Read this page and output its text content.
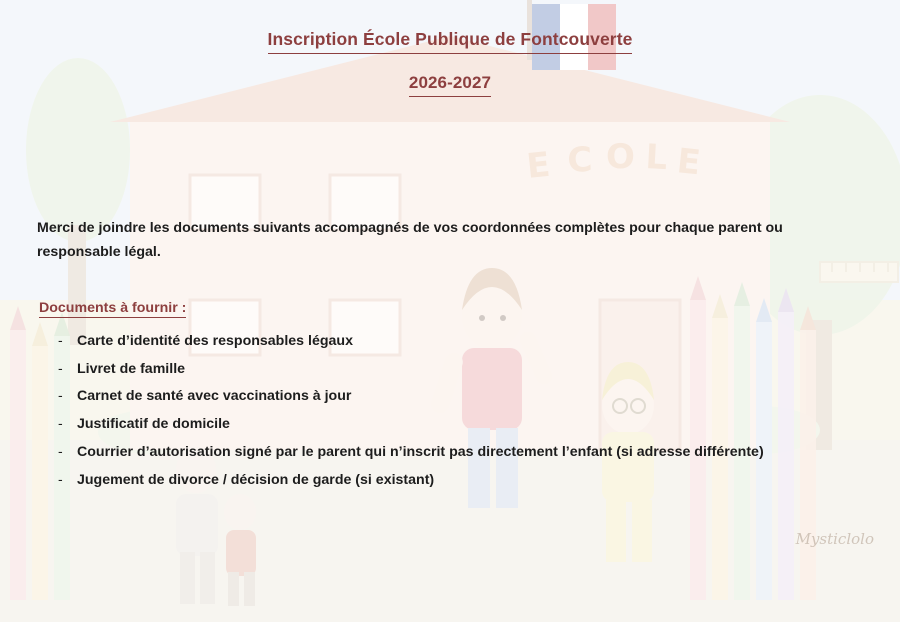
E C O L E
Inscription École Publique de Fontcouverte
2026-2027

Merci de joindre les documents suivants accompagnés de vos coordonnées complètes pour chaque parent ou responsable légal.

Documents à fournir :
-	Carte d’identité des responsables légaux
-	Livret de famille
-	Carnet de santé avec vaccinations à jour
-	Justificatif de domicile
-	Courrier d’autorisation signé par le parent qui n’inscrit pas directement l’enfant (si adresse différente)
-	Jugement de divorce / décision de garde (si existant)
Mysticlolo
